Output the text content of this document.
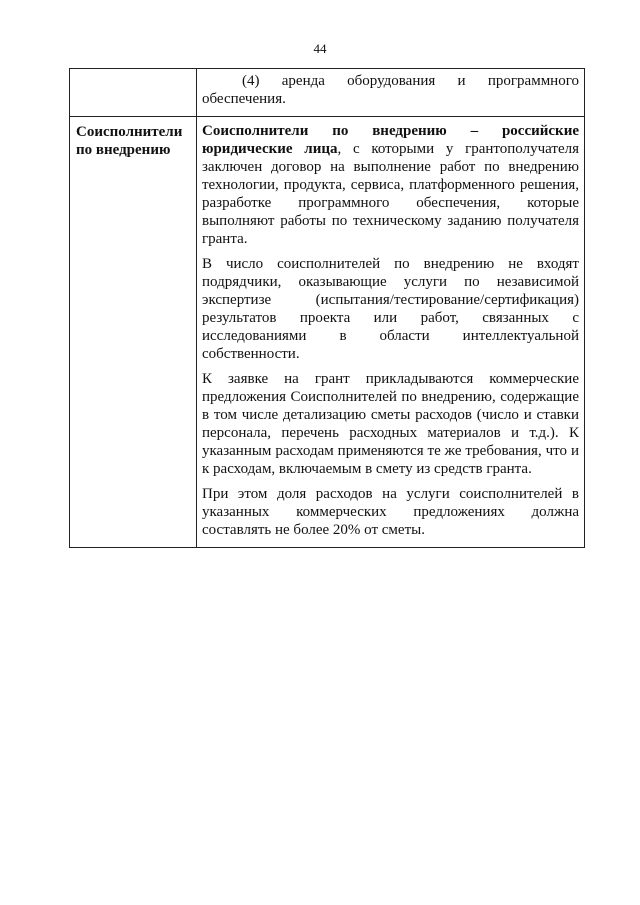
44

	(4) аренда оборудования и программного обеспечения.

Соисполнители по внедрению	Соисполнители по внедрению – российские юридические лица, с которыми у грантополучателя заключен договор на выполнение работ по внедрению технологии, продукта, сервиса, платформенного решения, разработке программного обеспечения, которые выполняют работы по техническому заданию получателя гранта.

В число соисполнителей по внедрению не входят подрядчики, оказывающие услуги по независимой экспертизе (испытания/тестирование/сертификация) результатов проекта или работ, связанных с исследованиями в области интеллектуальной собственности.

К заявке на грант прикладываются коммерческие предложения Соисполнителей по внедрению, содержащие в том числе детализацию сметы расходов (число и ставки персонала, перечень расходных материалов и т.д.). К указанным расходам применяются те же требования, что и к расходам, включаемым в смету из средств гранта.

При этом доля расходов на услуги соисполнителей в указанных коммерческих предложениях должна составлять не более 20% от сметы.
